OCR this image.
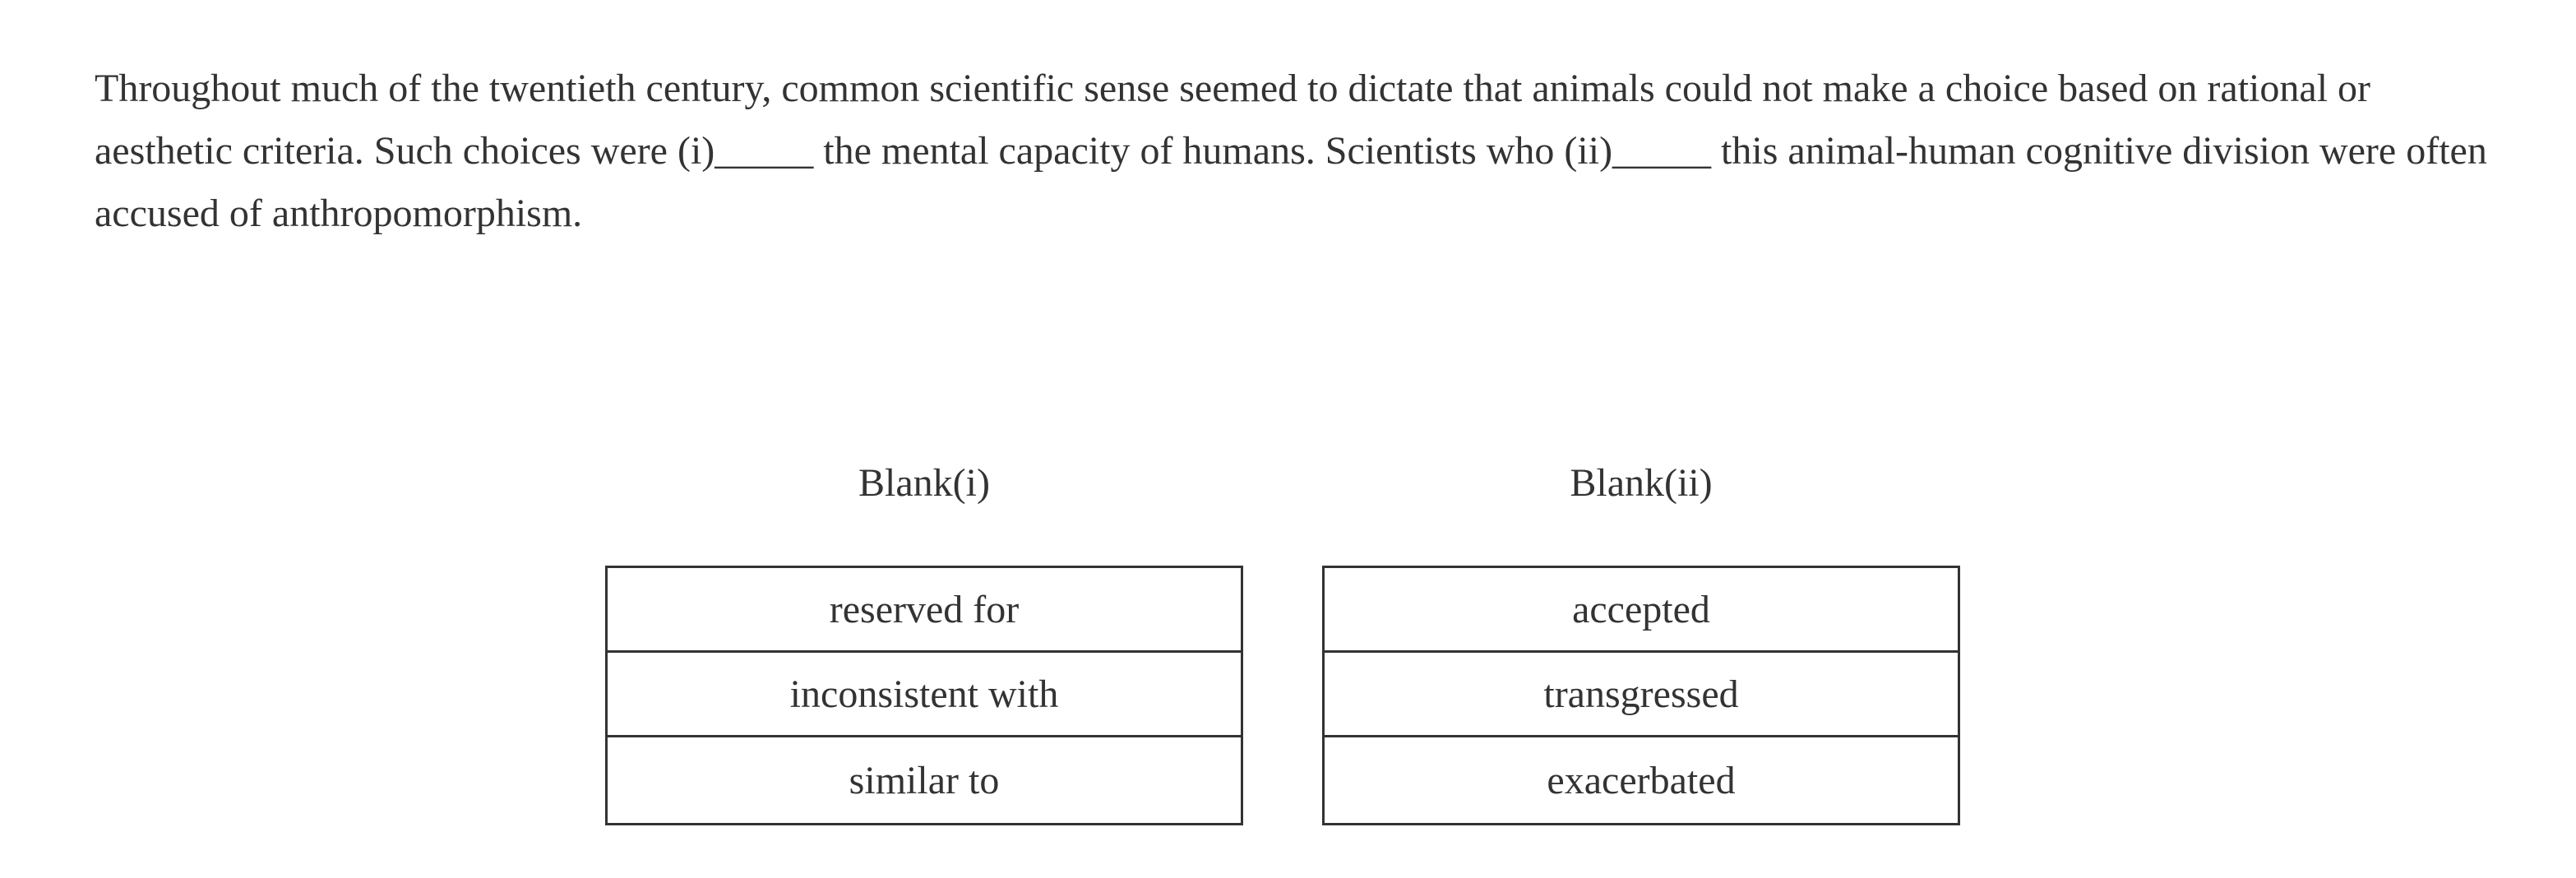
Throughout much of the twentieth century, common scientific sense seemed to dictate that animals could not make a choice based on rational or aesthetic criteria. Such choices were (i)_____ the mental capacity of humans. Scientists who (ii)_____ this animal-human cognitive division were often accused of anthropomorphism.

Blank(i)	Blank(ii)
reserved for
inconsistent with
similar to
accepted
transgressed
exacerbated
